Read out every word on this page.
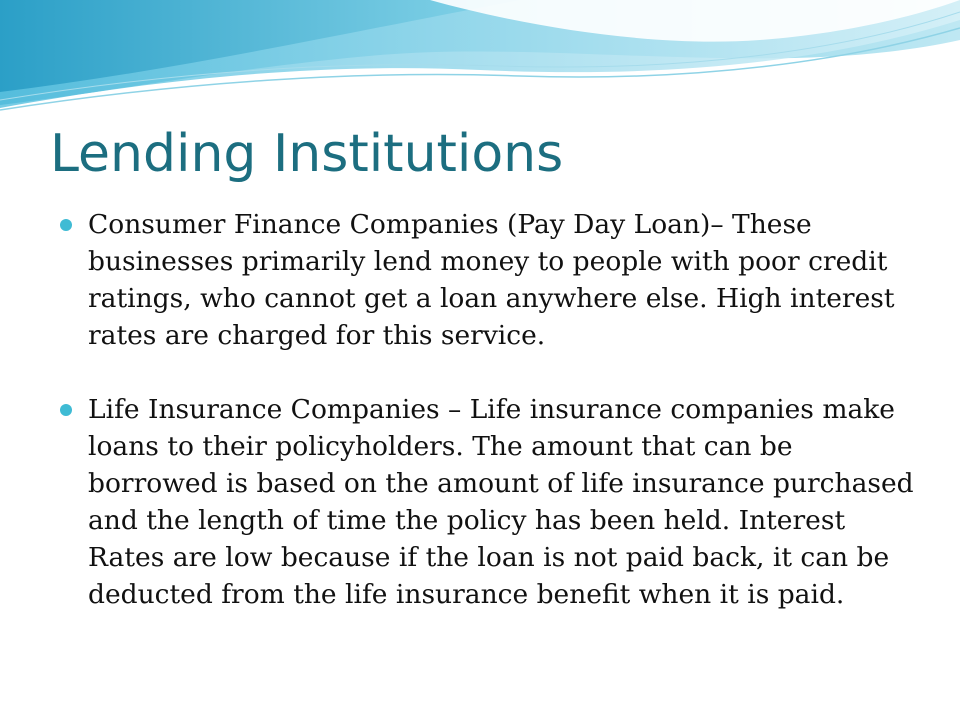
Lending Institutions
Consumer Finance Companies (Pay Day Loan)– These businesses primarily lend money to people with poor credit ratings, who cannot get a loan anywhere else. High interest rates are charged for this service.
Life Insurance Companies – Life insurance companies make loans to their policyholders. The amount that can be borrowed is based on the amount of life insurance purchased and the length of time the policy has been held. Interest Rates are low because if the loan is not paid back, it can be deducted from the life insurance benefit when it is paid.
